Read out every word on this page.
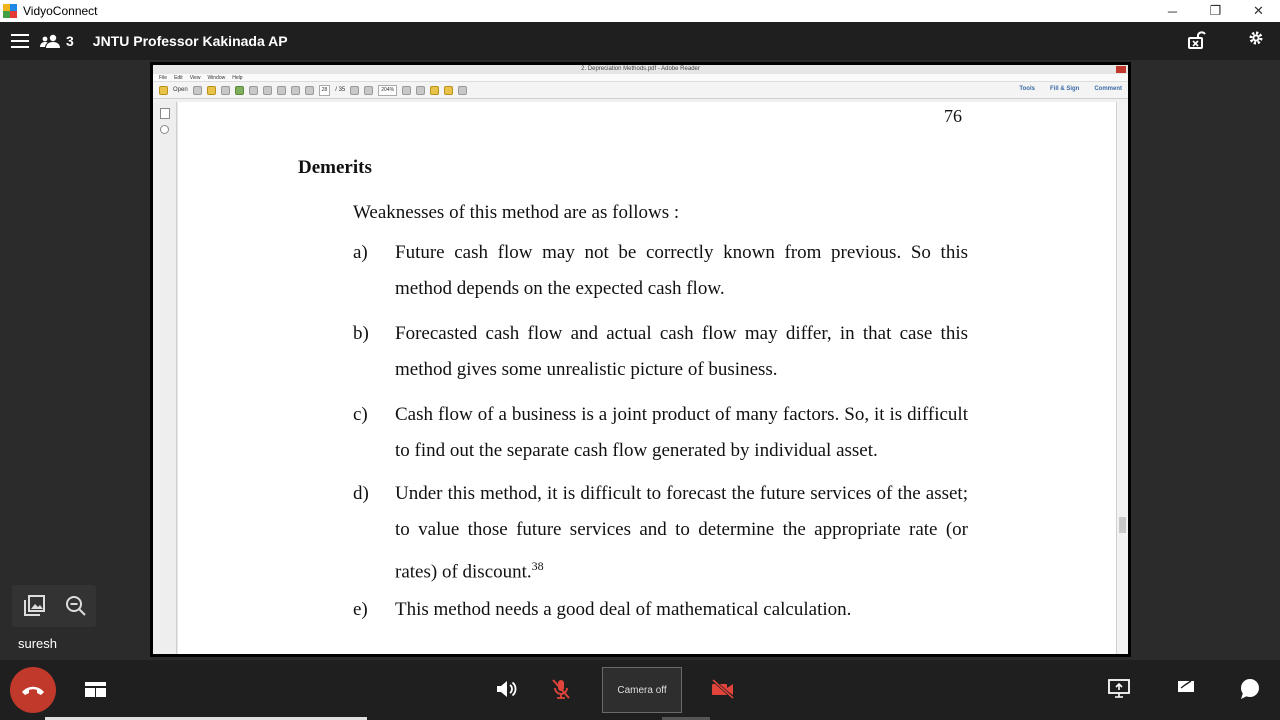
VidyoConnect	─	❐	✕
3 JNTU Professor Kakinada AP
2. Depreciation Methods.pdf - Adobe Reader
File Edit View Window Help
Open	28	/ 35	204%	Tools	Fill & Sign	Comment
76
Demerits
Weaknesses of this method are as follows :
a) Future cash flow may not be correctly known from previous. So this method depends on the expected cash flow.
b) Forecasted cash flow and actual cash flow may differ, in that case this method gives some unrealistic picture of business.
c) Cash flow of a business is a joint product of many factors. So, it is difficult to find out the separate cash flow generated by individual asset.
d) Under this method, it is difficult to forecast the future services of the asset; to value those future services and to determine the appropriate rate (or rates) of discount.$^{38}$
e) This method needs a good deal of mathematical calculation.
suresh
Camera off
